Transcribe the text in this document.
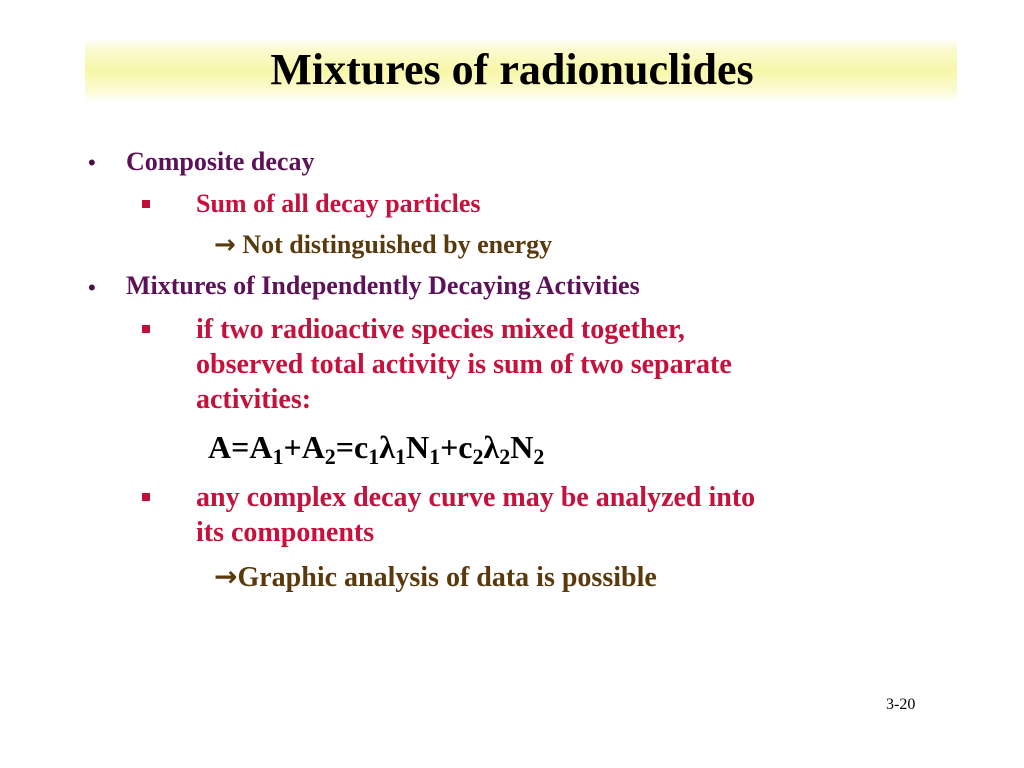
Mixtures of radionuclides
• Composite decay
Sum of all decay particles
→ Not distinguished by energy
• Mixtures of Independently Decaying Activities
if two radioactive species mixed together,
observed total activity is sum of two separate
activities:
$A=A_1+A_2=c_1\lambda_1N_1+c_2\lambda_2N_2$
any complex decay curve may be analyzed into
its components
→Graphic analysis of data is possible
3-20
